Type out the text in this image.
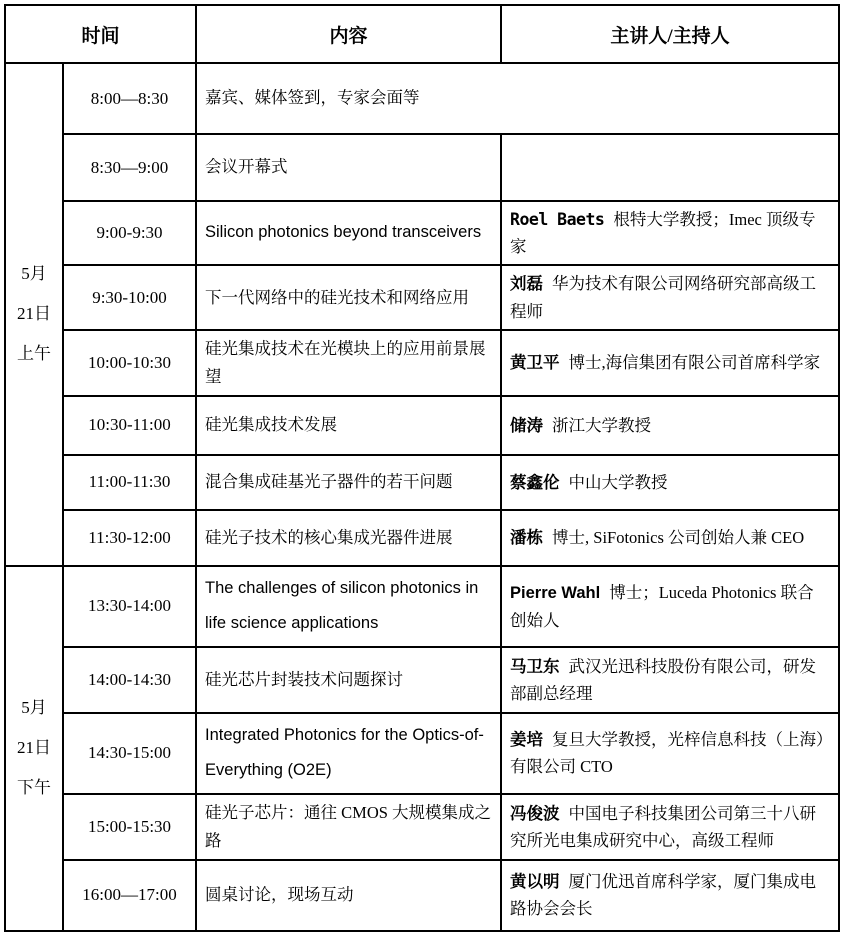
时间		内容	主讲人/主持人

5月
21日
上午	8:00—8:30	嘉宾、媒体签到，专家会面等	
	8:30—9:00	会议开幕式	
	9:00-9:30	Silicon photonics beyond transceivers	Roel Baets 根特大学教授；Imec 顶级专家
	9:30-10:00	下一代网络中的硅光技术和网络应用	刘磊 华为技术有限公司网络研究部高级工程师
	10:00-10:30	硅光集成技术在光模块上的应用前景展望	黄卫平 博士,海信集团有限公司首席科学家
	10:30-11:00	硅光集成技术发展	储涛 浙江大学教授
	11:00-11:30	混合集成硅基光子器件的若干问题	蔡鑫伦 中山大学教授
	11:30-12:00	硅光子技术的核心集成光器件进展	潘栋 博士, SiFotonics 公司创始人兼 CEO

5月
21日
下午	13:30-14:00	The challenges of silicon photonics in life science applications	Pierre Wahl 博士；Luceda Photonics 联合创始人
	14:00-14:30	硅光芯片封装技术问题探讨	马卫东 武汉光迅科技股份有限公司，研发部副总经理
	14:30-15:00	Integrated Photonics for the Optics-of-Everything (O2E)	姜培 复旦大学教授，光梓信息科技（上海）有限公司 CTO
	15:00-15:30	硅光子芯片：通往 CMOS 大规模集成之路	冯俊波 中国电子科技集团公司第三十八研究所光电集成研究中心，高级工程师
	16:00—17:00	圆桌讨论，现场互动	黄以明 厦门优迅首席科学家，厦门集成电路协会会长
